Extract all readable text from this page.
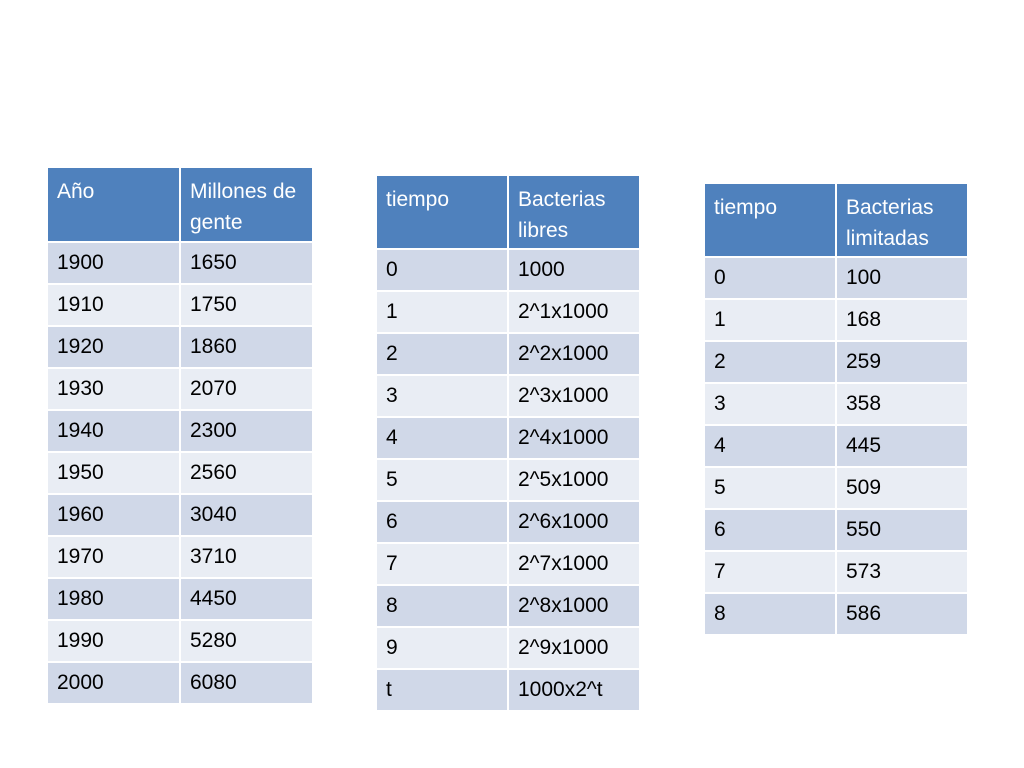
Año	Millones de gente
1900	1650
1910	1750
1920	1860
1930	2070
1940	2300
1950	2560
1960	3040
1970	3710
1980	4450
1990	5280
2000	6080
tiempo	Bacterias libres
0	1000
1	2^1x1000
2	2^2x1000
3	2^3x1000
4	2^4x1000
5	2^5x1000
6	2^6x1000
7	2^7x1000
8	2^8x1000
9	2^9x1000
t	1000x2^t
tiempo	Bacterias limitadas
0	100
1	168
2	259
3	358
4	445
5	509
6	550
7	573
8	586
